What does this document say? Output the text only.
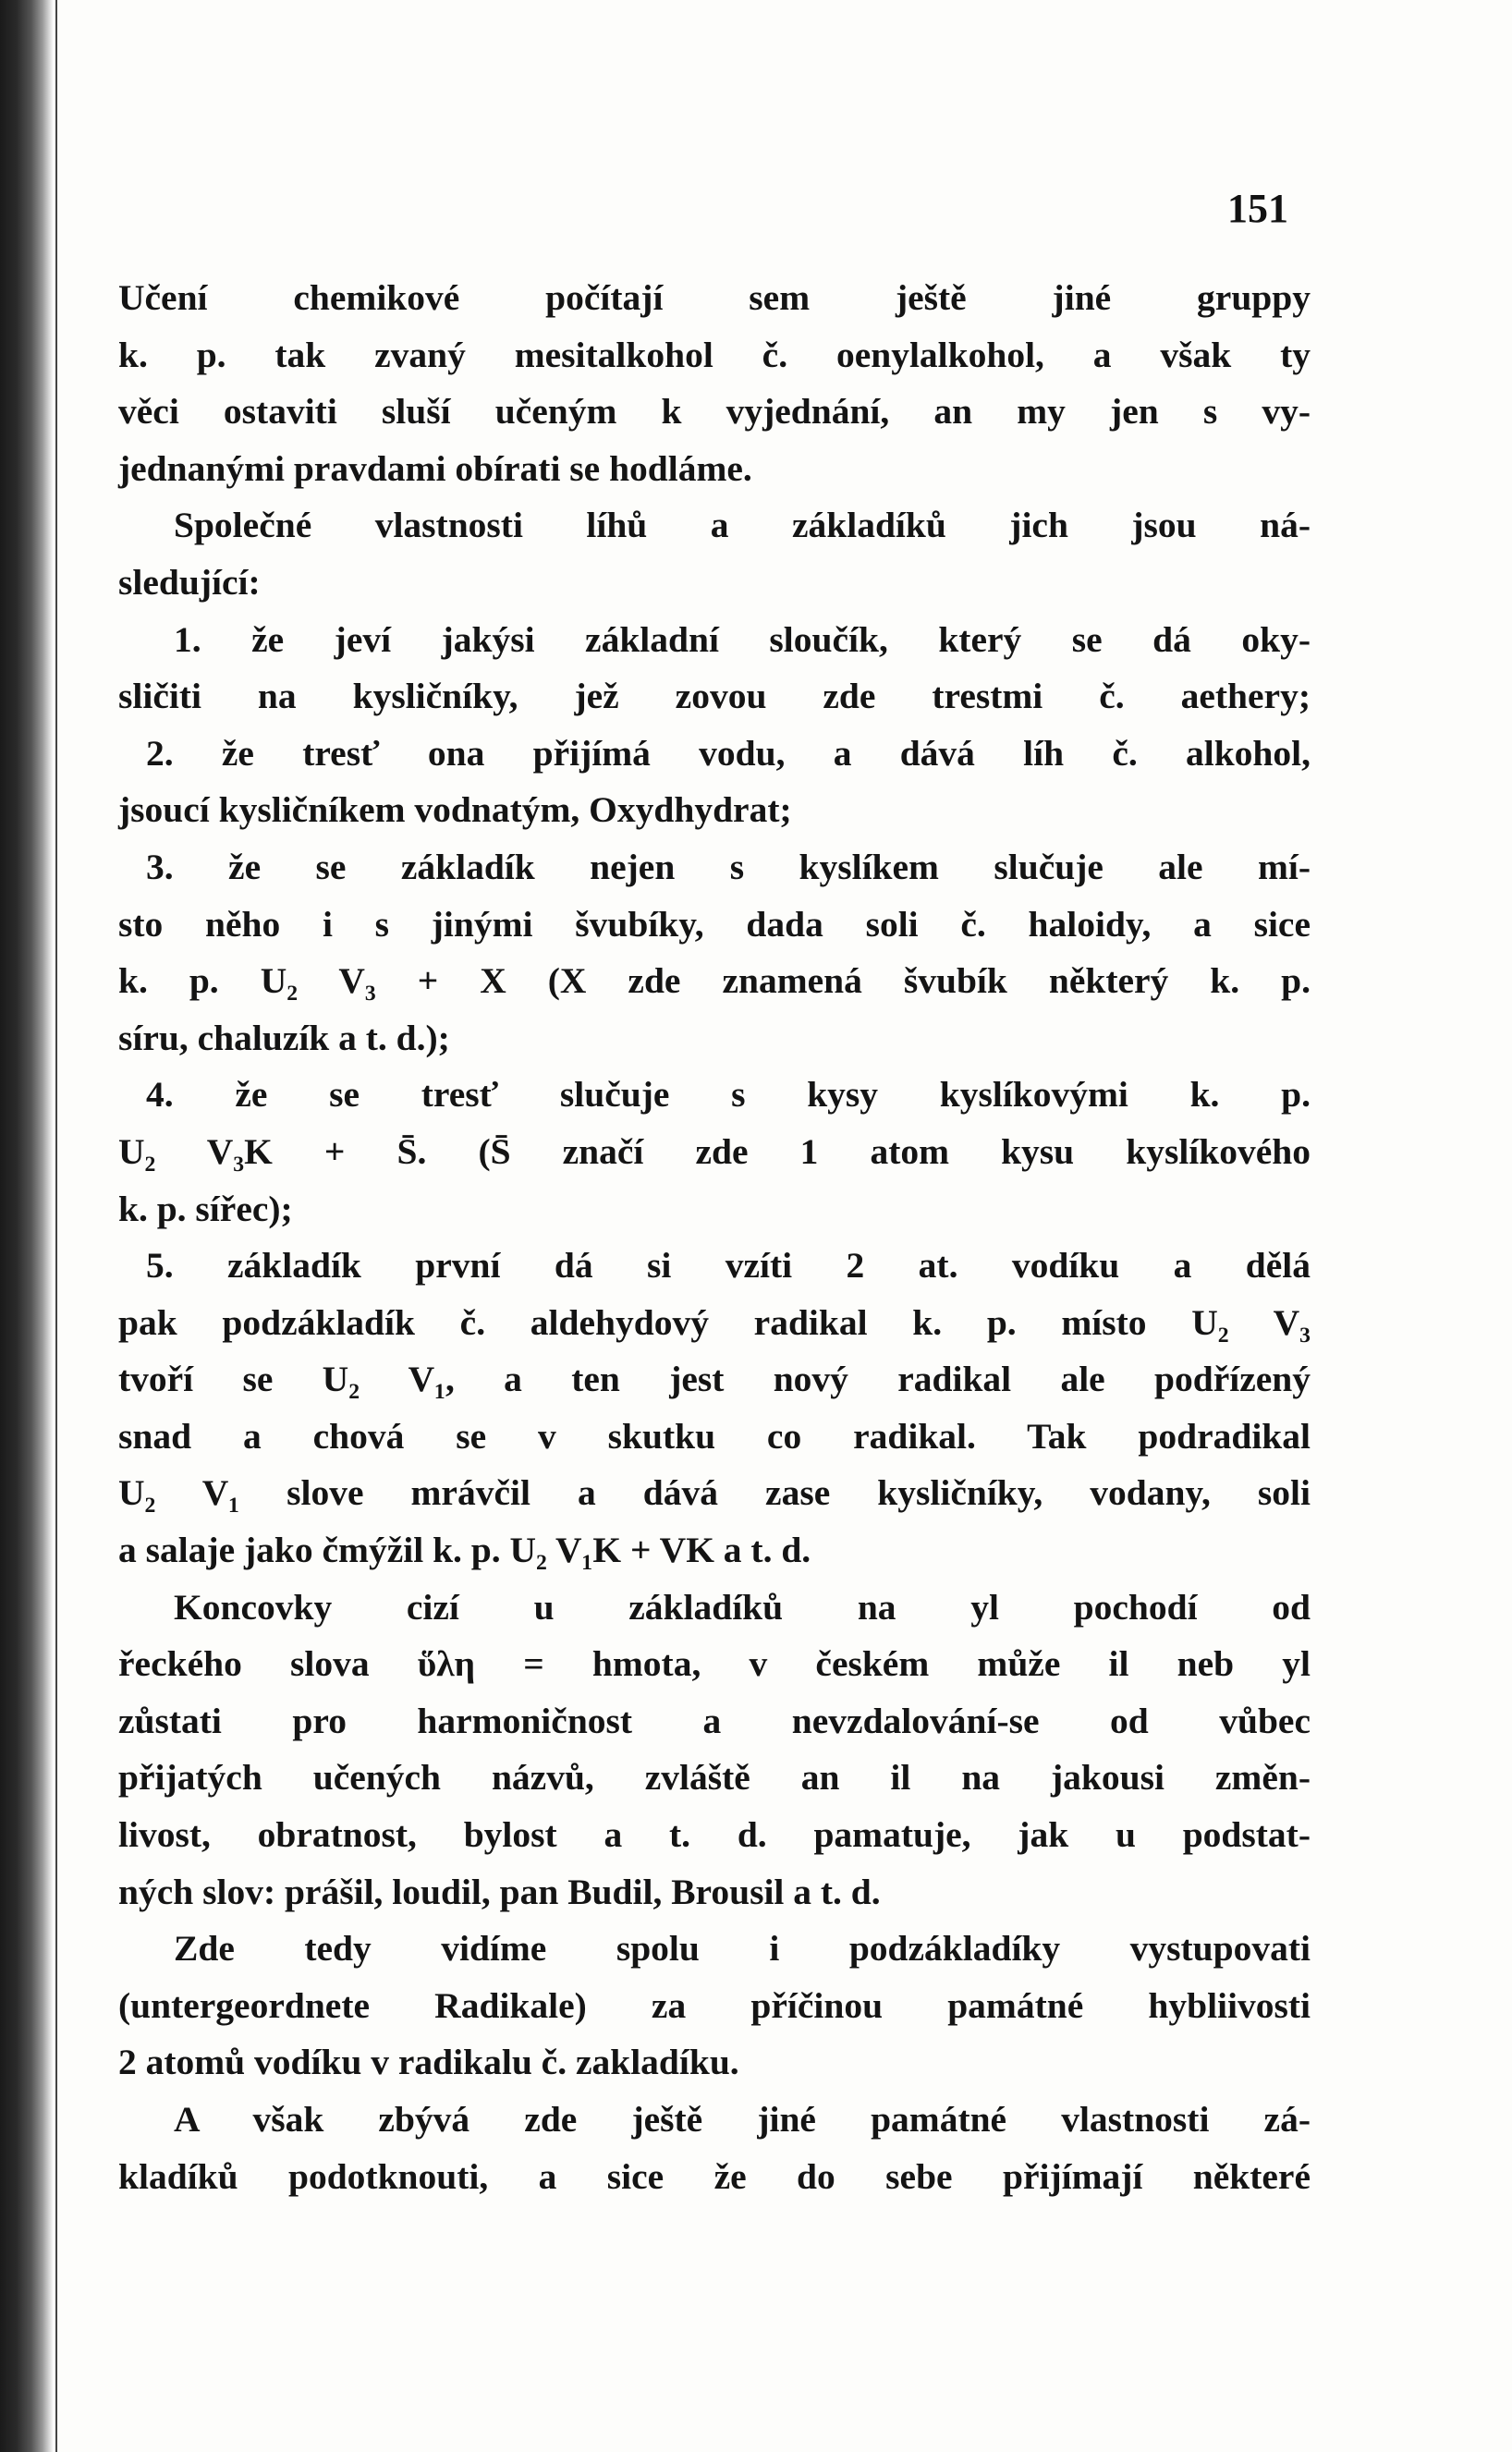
151
Učení chemikové počítají sem ještě jiné gruppy
k. p. tak zvaný mesitalkohol č. oenylalkohol, a však ty
věci ostaviti sluší učeným k vyjednání, an my jen s vy-
jednanými pravdami obírati se hodláme.
Společné vlastnosti líhů a základíků jich jsou ná-
sledující:
1. že jeví jakýsi základní sloučík, který se dá oky-
sličiti na kysličníky, jež zovou zde trestmi č. aethery;
2. že tresť ona přijímá vodu, a dává líh č. alkohol,
jsoucí kysličníkem vodnatým, Oxydhydrat;
3. že se základík nejen s kyslíkem slučuje ale mí-
sto něho i s jinými švubíky, dada soli č. haloidy, a sice
k. p. U₂ V₃ + X (X zde znamená švubík některý k. p.
síru, chaluzík a t. d.);
4. že se tresť slučuje s kysy kyslíkovými k. p.
U₂ V₃K + S̄. (S̄ značí zde 1 atom kysu kyslíkového
k. p. sířec);
5. základík první dá si vzíti 2 at. vodíku a dělá
pak podzákladík č. aldehydový radikal k. p. místo U₂ V₃
tvoří se U₂ V₁, a ten jest nový radikal ale podřízený
snad a chová se v skutku co radikal. Tak podradikal
U₂ V₁ slove mrávčil a dává zase kysličníky, vodany, soli
a salaje jako čmýžil k. p. U₂ V₁K + VK a t. d.
Koncovky cizí u základíků na yl pochodí od
řeckého slova ὕλη = hmota, v českém může il neb yl
zůstati pro harmoničnost a nevzdalování-se od vůbec
přijatých učených názvů, zvláště an il na jakousi změn-
livost, obratnost, bylost a t. d. pamatuje, jak u podstat-
ných slov: prášil, loudil, pan Budil, Brousil a t. d.
Zde tedy vidíme spolu i podzákladíky vystupovati
(untergeordnete Radikale) za příčinou památné hybliivosti
2 atomů vodíku v radikalu č. zakladíku.
A však zbývá zde ještě jiné památné vlastnosti zá-
kladíků podotknouti, a sice že do sebe přijímají některé
